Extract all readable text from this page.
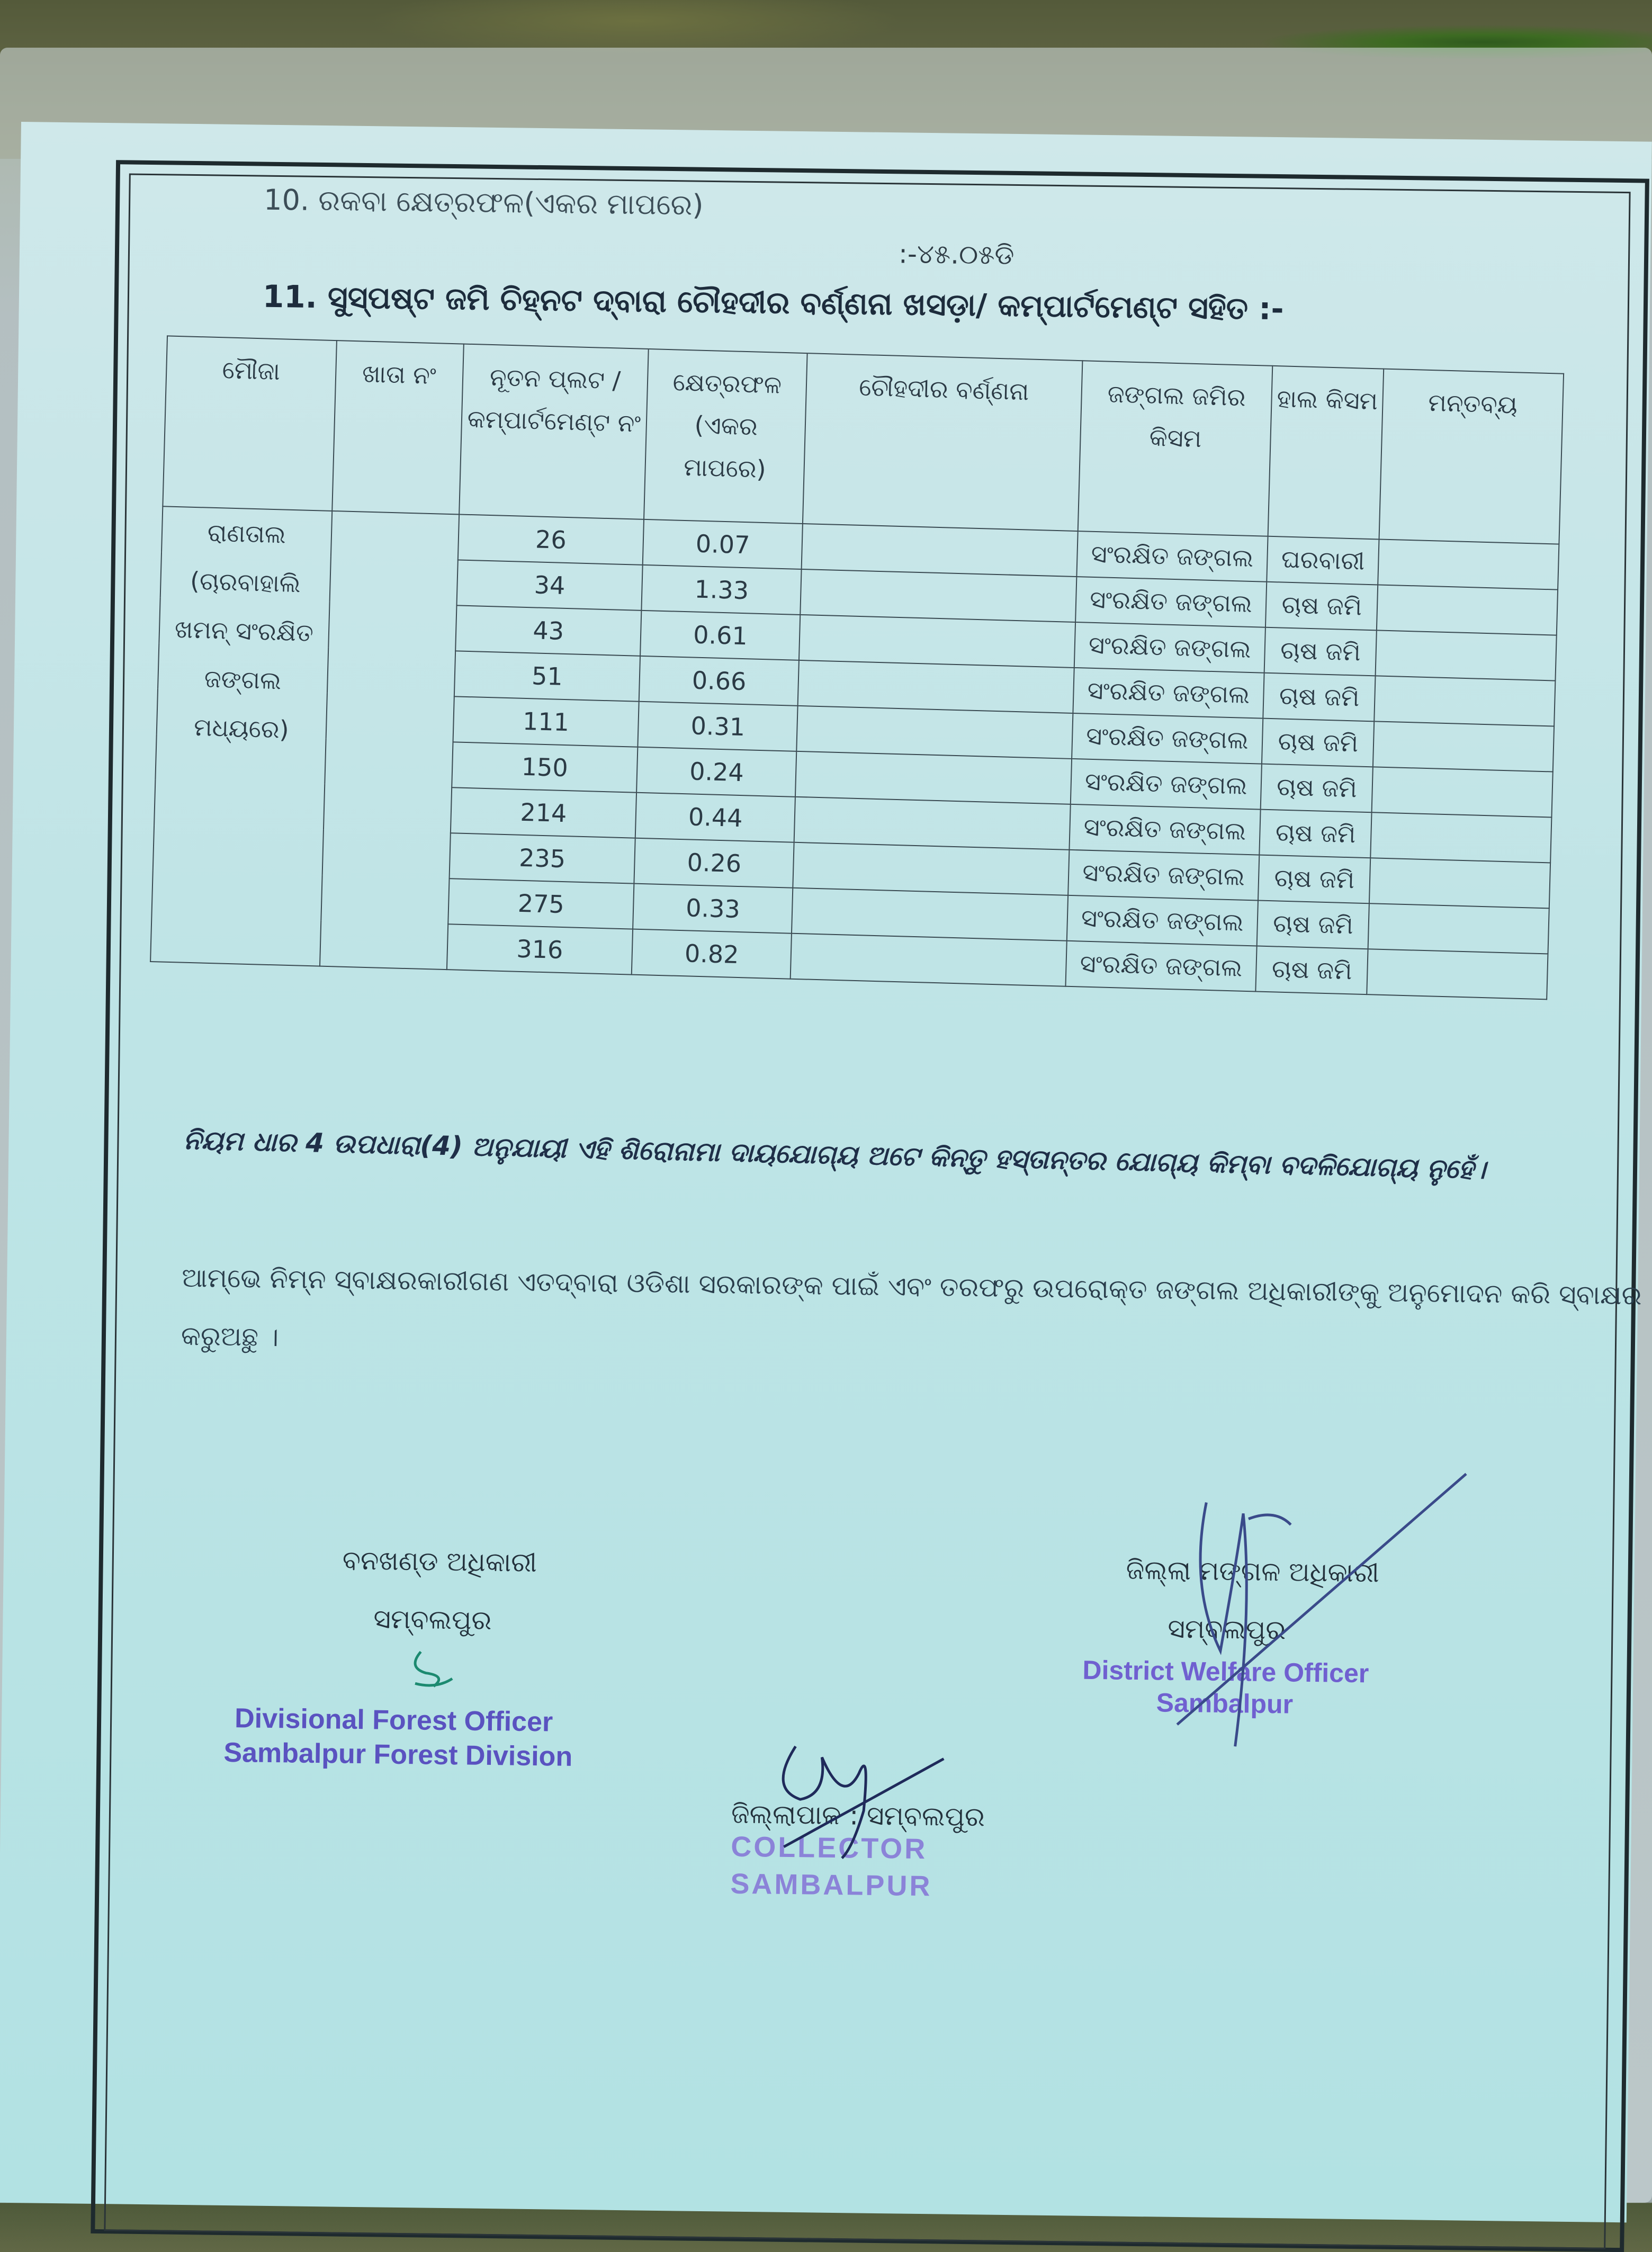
10. ରକବା କ୍ଷେତ୍ରଫଳ(ଏକର ମାପରେ)
:-୪୫.୦୫ଡି
11. ସୁସ୍ପଷ୍ଟ ଜମି ଚିହ୍ନଟ ଦ୍ବାରା ଚୌହଦୀର ବର୍ଣ୍ଣନା ଖସଡ଼ା/ କମ୍ପାର୍ଟମେଣ୍ଟ ସହିତ :-
ମୌଜା	ଖାତା ନଂ	ନୂତନ ପ୍ଲଟ / କମ୍ପାର୍ଟମେଣ୍ଟ ନଂ	କ୍ଷେତ୍ରଫଳ (ଏକର ମାପରେ)	ଚୌହଦୀର ବର୍ଣ୍ଣନା	ଜଙ୍ଗଲ ଜମିର କିସମ	ହାଲ କିସମ	ମନ୍ତବ୍ୟ

ରାଣତାଲ
(ଚାରବାହାଲି
ଖମନ୍ ସଂରକ୍ଷିତ
ଜଙ୍ଗଲ ମଧ୍ୟରେ)		26	0.07		ସଂରକ୍ଷିତ ଜଙ୍ଗଲ	ଘରବାରୀ	
		34	1.33		ସଂରକ୍ଷିତ ଜଙ୍ଗଲ	ଚାଷ ଜମି	
		43	0.61		ସଂରକ୍ଷିତ ଜଙ୍ଗଲ	ଚାଷ ଜମି	
		51	0.66		ସଂରକ୍ଷିତ ଜଙ୍ଗଲ	ଚାଷ ଜମି	
		111	0.31		ସଂରକ୍ଷିତ ଜଙ୍ଗଲ	ଚାଷ ଜମି	
		150	0.24		ସଂରକ୍ଷିତ ଜଙ୍ଗଲ	ଚାଷ ଜମି	
		214	0.44		ସଂରକ୍ଷିତ ଜଙ୍ଗଲ	ଚାଷ ଜମି	
		235	0.26		ସଂରକ୍ଷିତ ଜଙ୍ଗଲ	ଚାଷ ଜମି	
		275	0.33		ସଂରକ୍ଷିତ ଜଙ୍ଗଲ	ଚାଷ ଜମି	
		316	0.82		ସଂରକ୍ଷିତ ଜଙ୍ଗଲ	ଚାଷ ଜମି	
ନିୟମ ଧାର 4 ଉପଧାରା(4) ଅନୁଯାୟୀ ଏହି ଶିରୋନାମା ଦାୟଯୋଗ୍ୟ ଅଟେ କିନ୍ତୁ ହସ୍ତାନ୍ତର ଯୋଗ୍ୟ କିମ୍ବା ବଦଳିଯୋଗ୍ୟ ନୁହେଁ।
ଆମ୍ଭେ ନିମ୍ନ ସ୍ବାକ୍ଷରକାରୀଗଣ ଏତଦ୍ବାରା ଓଡିଶା ସରକାରଙ୍କ ପାଇଁ ଏବଂ ତରଫରୁ ଉପରୋକ୍ତ ଜଙ୍ଗଲ ଅଧିକାରୀଙ୍କୁ ଅନୁମୋଦନ କରି ସ୍ବାକ୍ଷର
କରୁଅଛୁ ।
ବନଖଣ୍ଡ ଅଧିକାରୀ
ସମ୍ବଲପୁର
Divisional Forest Officer
Sambalpur Forest Division
ଜିଲ୍ଲା ମଙ୍ଗଳ ଅଧିକାରୀ
ସମ୍ବଲପୁର
District Welfare Officer
Sambalpur
ଜିଲ୍ଲାପାଳ : ସମ୍ବଲପୁର
COLLECTOR
SAMBALPUR
